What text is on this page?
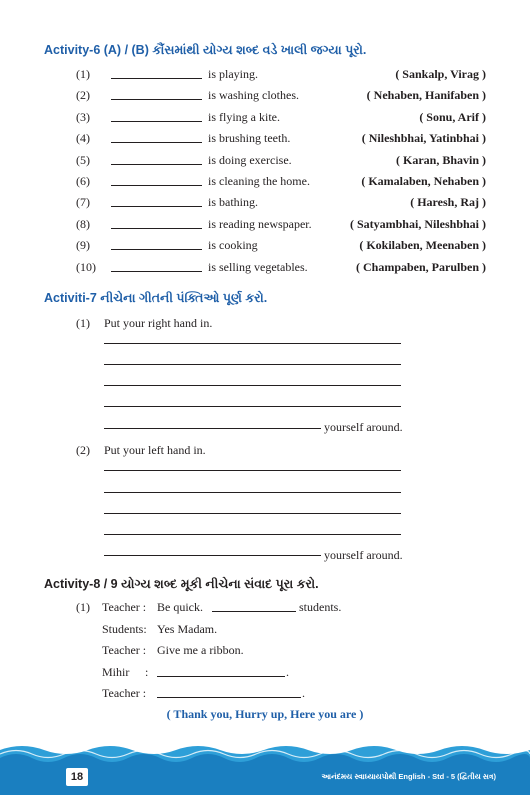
Activity-6 (A) / (B) કૌંસમાંથી યોગ્ય શબ્દ વડે ખાલી જગ્યા પૂરો.
(1)	is playing.	( Sankalp, Virag )
(2)	is washing clothes.	( Nehaben, Hanifaben )
(3)	is flying a kite.	( Sonu, Arif )
(4)	is brushing teeth.	( Nileshbhai, Yatinbhai )
(5)	is doing exercise.	( Karan, Bhavin )
(6)	is cleaning the home.	( Kamalaben, Nehaben )
(7)	is bathing.	( Haresh, Raj )
(8)	is reading newspaper.	( Satyambhai, Nileshbhai )
(9)	is cooking	( Kokilaben, Meenaben )
(10)	is selling vegetables.	( Champaben, Parulben )
Activiti-7 નીચેના ગીતની પંક્તિઓ પૂર્ણ કરો.
(1) Put your right hand in.
yourself around.
(2) Put your left hand in.
yourself around.
Activity-8 / 9 યોગ્ય શબ્દ મૂકી નીચેના સંવાદ પૂરા કરો.
(1) Teacher : Be quick.	students.
Students: Yes Madam.
Teacher : Give me a ribbon.
Mihir :	.
Teacher :	.
( Thank you, Hurry up, Here you are )
18	આનંદમય સ્વાધ્યાયપોથી English - Std - 5 (દ્વિતીય સત્ર)
